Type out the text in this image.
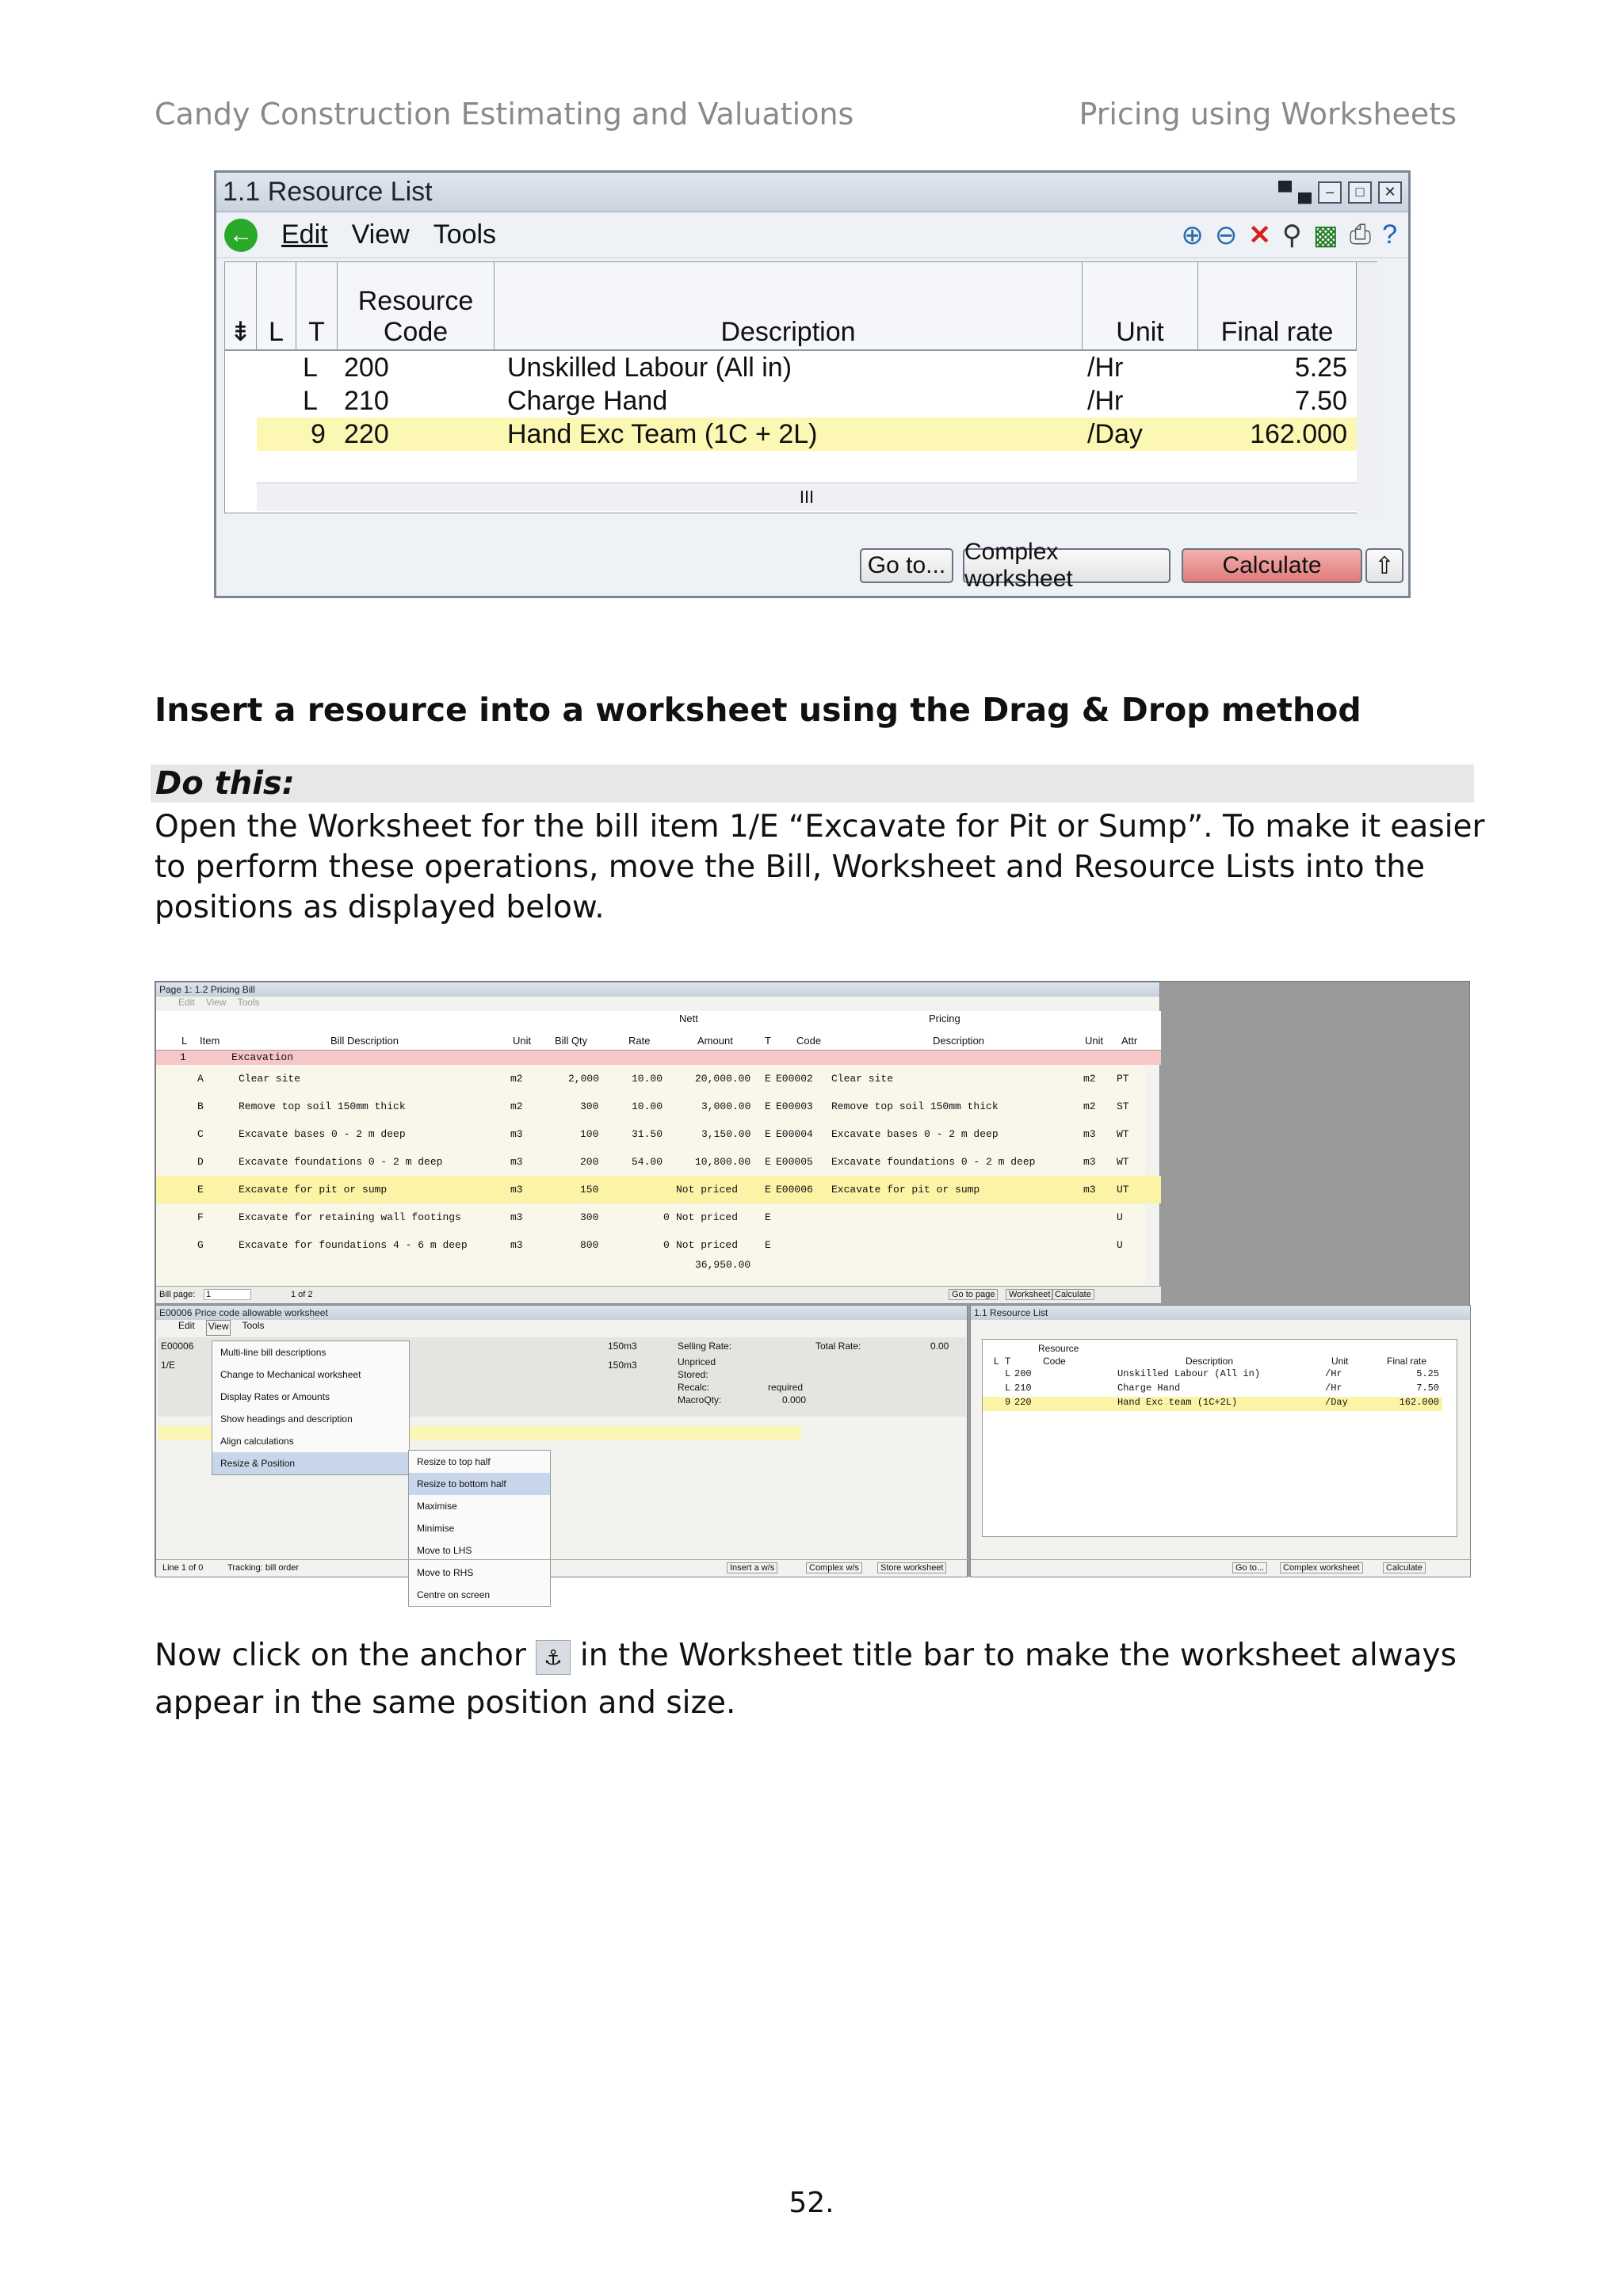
Candy Construction Estimating and Valuations	Pricing using Worksheets
1.1 Resource List	▀ ▄ –	□	✕
← Edit View Tools	⊕ ⊖ ✕ ⚲ ▩ ⎙ ?
⇟ L T
Resource
Code	Description	Unit	Final rate
L 200	Unskilled Labour (All in)	/Hr	5.25
L 210	Charge Hand	/Hr	7.50
9 220	Hand Exc Team (1C + 2L)	/Day	162.000
III
Go to...
Complex worksheet
Calculate	⇧
Insert a resource into a worksheet using the Drag & Drop method
Do this:
Open the Worksheet for the bill item 1/E “Excavate for Pit or Sump”. To make it easier to perform these operations, move the Bill, Worksheet and Resource Lists into the positions as displayed below.
Page 1: 1.2 Pricing Bill
Edit View Tools
Nett	Pricing
L Item	Bill Description	Unit Bill Qty	Rate	Amount	T Code	Description	Unit Attr
1	Excavation
A	Clear site	m2	2,000	10.00	20,000.00 E E00002 Clear site	m2 PT
B	Remove top soil 150mm thick	m2	300	10.00	3,000.00 E E00003 Remove top soil 150mm thick	m2 ST
C	Excavate bases 0 - 2 m deep	m3	100	31.50	3,150.00 E E00004 Excavate bases 0 - 2 m deep	m3 WT
D	Excavate foundations 0 - 2 m deep	m3	200	54.00	10,800.00 E E00005 Excavate foundations 0 - 2 m deep	m3 WT
E	Excavate for pit or sump	m3	150	Not priced	E E00006 Excavate for pit or sump	m3 UT
F	Excavate for retaining wall footings	m3	300	0 Not priced	E	U
G	Excavate for foundations 4 - 6 m deep	m3	800	0 Not priced	E	U
36,950.00
Bill page: 1	1 of 2	Go to page	Worksheet Calculate
E00006 Price code allowable worksheet
Edit View Tools
E00006
1/E
150m3
150m3
Selling Rate:	Total Rate:	0.00
Unpriced
Stored:
Recalc:	required
MacroQty:	0.000
Multi-line bill descriptions
Change to Mechanical worksheet
Display Rates or Amounts
Show headings and description
Align calculations
Resize & Position	Resize to top half
Resize to bottom half
Maximise
Minimise
Move to LHS
Move to RHS
Centre on screen
Line 1 of 0	Tracking: bill order	Insert a w/s	Complex w/s	Store worksheet
1.1 Resource List
Resource
L T	Code	Description	Unit	Final rate
L 200	Unskilled Labour (All in)	/Hr	5.25
L 210	Charge Hand	/Hr	7.50
9 220	Hand Exc team (1C+2L)	/Day	162.000
Go to...	Complex worksheet	Calculate
Now click on the anchor ⚓ in the Worksheet title bar to make the worksheet always appear in the same position and size.
52.
